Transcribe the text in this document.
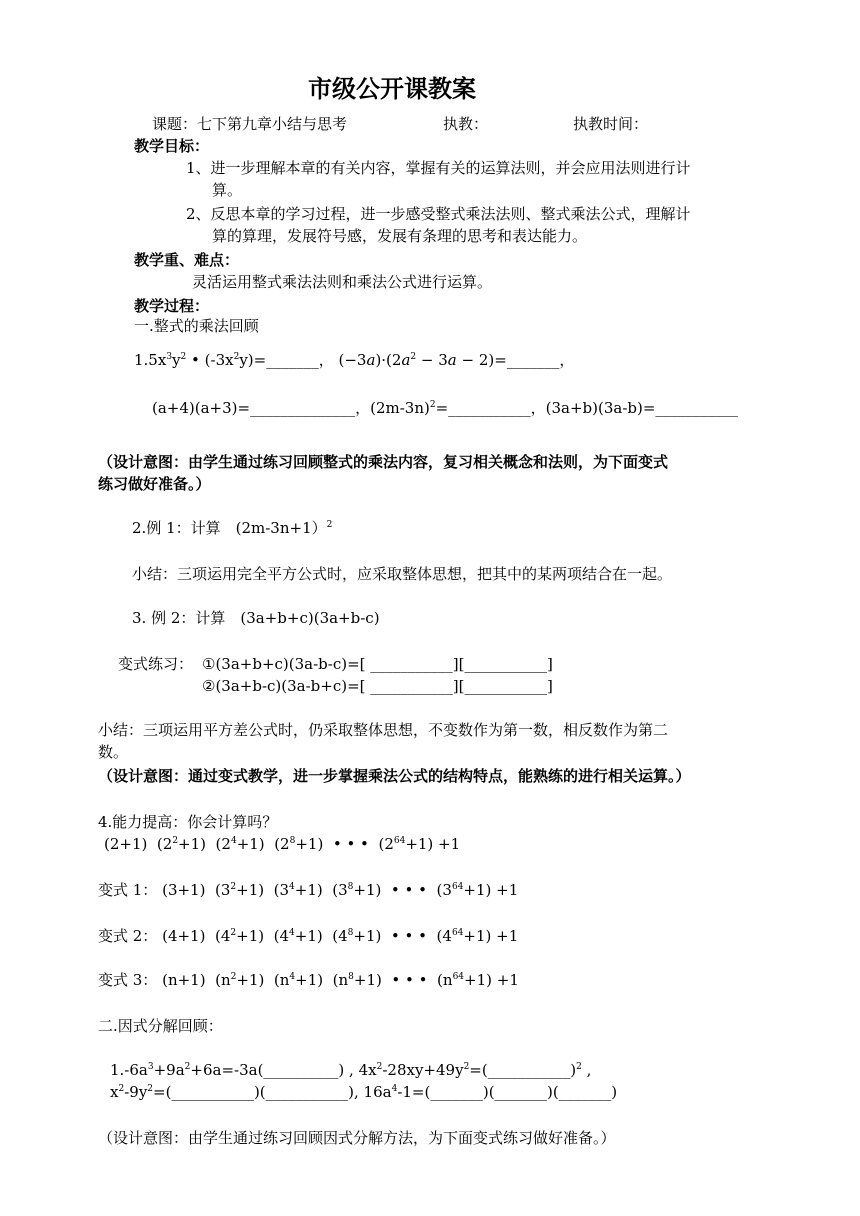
市级公开课教案
课题：七下第九章小结与思考	执教：	执教时间：
教学目标：
1、进一步理解本章的有关内容，掌握有关的运算法则，并会应用法则进行计
算。
2、反思本章的学习过程，进一步感受整式乘法法则、整式乘法公式，理解计
算的算理，发展符号感，发展有条理的思考和表达能力。
教学重、难点：
灵活运用整式乘法法则和乘法公式进行运算。
教学过程：
一.整式的乘法回顾
$1.5x^3y^2$ • $(-3x^2y)=\_\_\_\_\_\_\_$， $(-3a)\cdot(2a^2 - 3a$ − 2)=_______，
(a+4)(a+3)=______________，$(2m-3n)^2=\_\_\_\_\_\_\_\_\_\_\_$，(3a+b)(3a-b)=___________
（设计意图：由学生通过练习回顾整式的乘法内容，复习相关概念和法则，为下面变式
练习做好准备。）
2.例 1：计算　(2m-3n+1）$^2$
小结：三项运用完全平方公式时，应采取整体思想，把其中的某两项结合在一起。
3. 例 2：计算　(3a+b+c)(3a+b-c)
变式练习： ①(3a+b+c)(3a-b-c)=[ ___________][___________]
②(3a+b-c)(3a-b+c)=[ ___________][___________]
小结：三项运用平方差公式时，仍采取整体思想，不变数作为第一数，相反数作为第二
数。
（设计意图：通过变式教学，进一步掌握乘法公式的结构特点，能熟练的进行相关运算。）
4.能力提高：你会计算吗？
(2+1)  $(2^2+1)$  $(2^4+1)$  $(2^8+1)$  • • •  $(2^{64}+1) +1$
变式 1： (3+1)  $(3^2+1)$  $(3^4+1)$  $(3^8+1)$  • • •  $(3^{64}+1) +1$
变式 2： (4+1)  $(4^2+1)$  $(4^4+1)$  $(4^8+1)$  • • •  $(4^{64}+1) +1$
变式 3： (n+1)  $(n^2+1)$  $(n^4+1)$  $(n^8+1)$  • • •  $(n^{64}+1) +1$
二.因式分解回顾：
$1.-6a^3+9a^2+6a=-3a(\_\_\_\_\_\_\_\_\_\_)$ , $4x^2-28xy+49y^2=(\_\_\_\_\_\_\_\_\_\_\_)^2$ ,
$x^2-9y^2=(\_\_\_\_\_\_\_\_\_\_\_)(\_\_\_\_\_\_\_\_\_\_\_)$, $16a^4-1=(\_\_\_\_\_\_\_)(\_\_\_\_\_\_\_)(\_\_\_\_\_\_\_)$
（设计意图：由学生通过练习回顾因式分解方法，为下面变式练习做好准备。）
